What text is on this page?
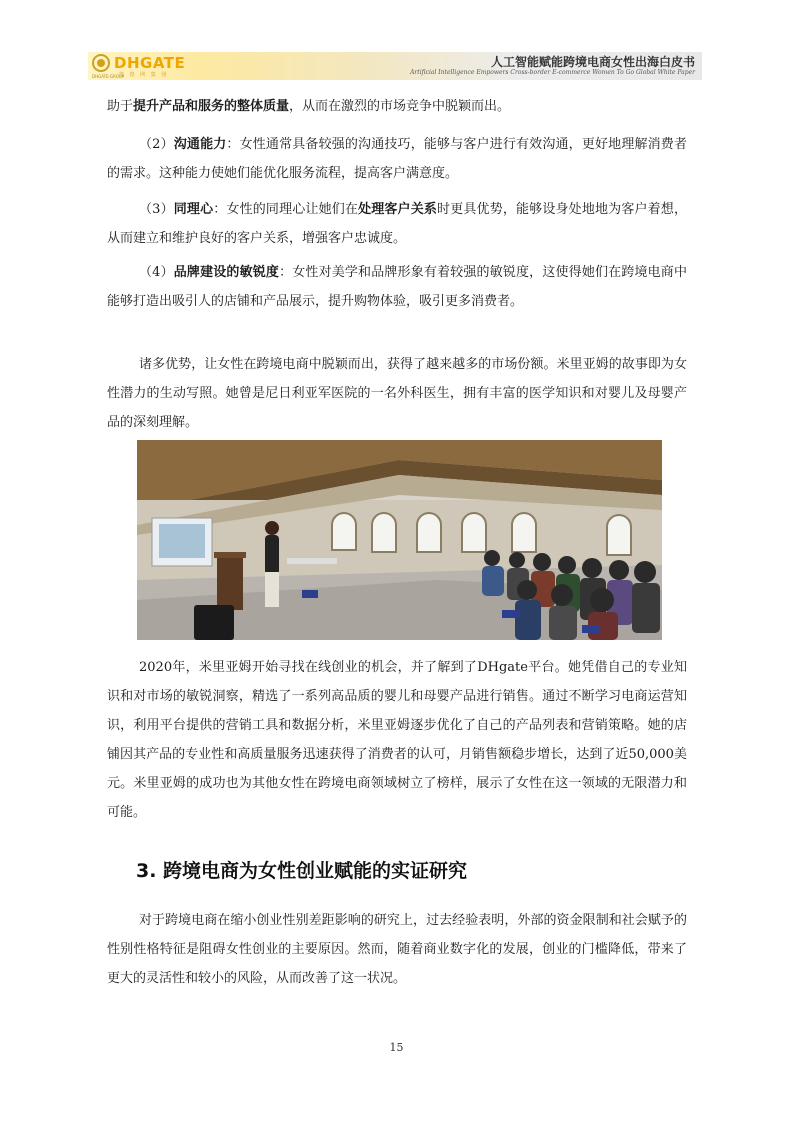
DHGATE
DHGATE·GROUP
敦 煌 网 集 团
人工智能赋能跨境电商女性出海白皮书
Artificial Intelligence Empowers Cross-border E-commerce Women To Go Global White Paper

助于提升产品和服务的整体质量，从而在激烈的市场竞争中脱颖而出。

（2）沟通能力：女性通常具备较强的沟通技巧，能够与客户进行有效沟通，更好地理解消费者的需求。这种能力使她们能优化服务流程，提高客户满意度。

（3）同理心：女性的同理心让她们在处理客户关系时更具优势，能够设身处地地为客户着想，从而建立和维护良好的客户关系，增强客户忠诚度。

（4）品牌建设的敏锐度：女性对美学和品牌形象有着较强的敏锐度，这使得她们在跨境电商中能够打造出吸引人的店铺和产品展示，提升购物体验，吸引更多消费者。

诸多优势，让女性在跨境电商中脱颖而出，获得了越来越多的市场份额。米里亚姆的故事即为女性潜力的生动写照。她曾是尼日利亚军医院的一名外科医生，拥有丰富的医学知识和对婴儿及母婴产品的深刻理解。

2020年，米里亚姆开始寻找在线创业的机会，并了解到了DHgate平台。她凭借自己的专业知识和对市场的敏锐洞察，精选了一系列高品质的婴儿和母婴产品进行销售。通过不断学习电商运营知识，利用平台提供的营销工具和数据分析，米里亚姆逐步优化了自己的产品列表和营销策略。她的店铺因其产品的专业性和高质量服务迅速获得了消费者的认可，月销售额稳步增长，达到了近50,000美元。米里亚姆的成功也为其他女性在跨境电商领域树立了榜样，展示了女性在这一领域的无限潜力和可能。

3. 跨境电商为女性创业赋能的实证研究

对于跨境电商在缩小创业性别差距影响的研究上，过去经验表明，外部的资金限制和社会赋予的性别性格特征是阻碍女性创业的主要原因。然而，随着商业数字化的发展，创业的门槛降低，带来了更大的灵活性和较小的风险，从而改善了这一状况。

15
